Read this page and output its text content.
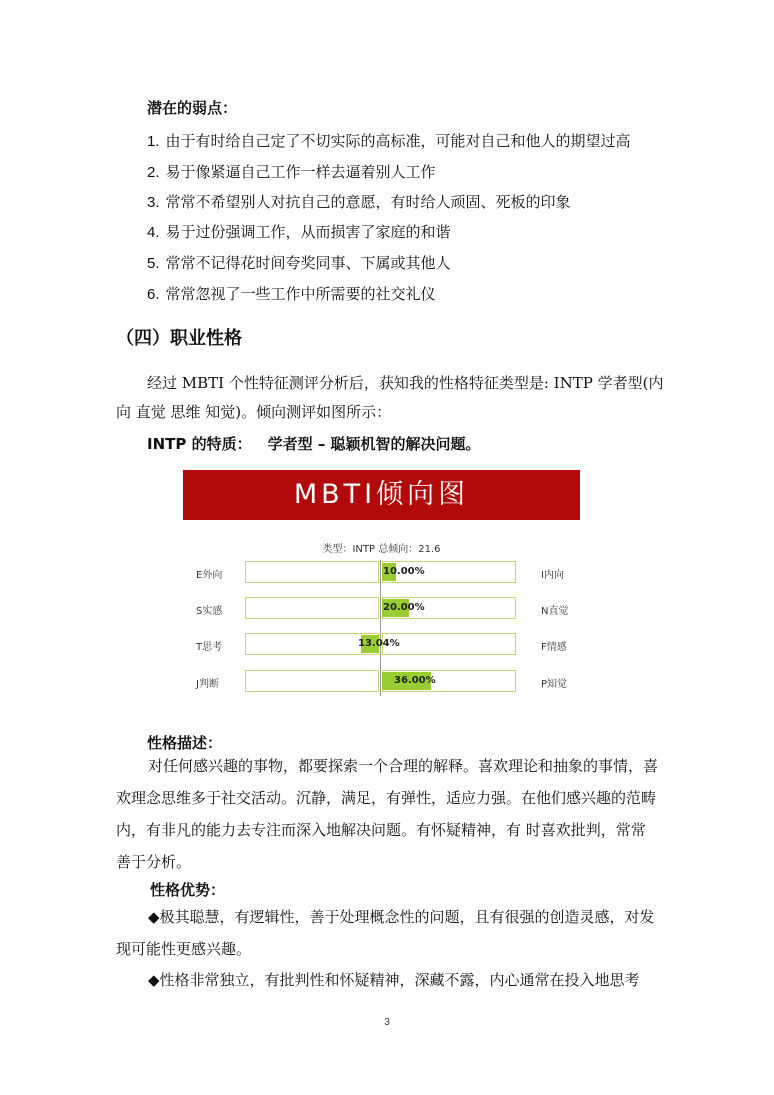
潜在的弱点：
1. 由于有时给自己定了不切实际的高标准，可能对自己和他人的期望过高
2. 易于像紧逼自己工作一样去逼着别人工作
3. 常常不希望别人对抗自己的意愿，有时给人顽固、死板的印象
4. 易于过份强调工作，从而损害了家庭的和谐
5. 常常不记得花时间夸奖同事、下属或其他人
6. 常常忽视了一些工作中所需要的社交礼仪
（四）职业性格
经过 MBTI 个性特征测评分析后，获知我的性格特征类型是: INTP 学者型(内
向 直觉 思维 知觉)。倾向测评如图所示：
INTP 的特质： 学者型 – 聪颖机智的解决问题。
MBTI倾向图
类型：INTP 总倾向：21.6
E外向	I内向
10.00%
S实感	N直觉
20.00%
T思考	F情感
13.04%
J判断	P知觉
36.00%
性格描述：
对任何感兴趣的事物，都要探索一个合理的解释。喜欢理论和抽象的事情，喜欢理念思维多于社交活动。沉静，满足，有弹性，适应力强。在他们感兴趣的范畴内，有非凡的能力去专注而深入地解决问题。有怀疑精神，有 时喜欢批判，常常善于分析。
性格优势：
◆极其聪慧，有逻辑性，善于处理概念性的问题，且有很强的创造灵感，对发现可能性更感兴趣。
◆性格非常独立，有批判性和怀疑精神，深藏不露，内心通常在投入地思考
3
